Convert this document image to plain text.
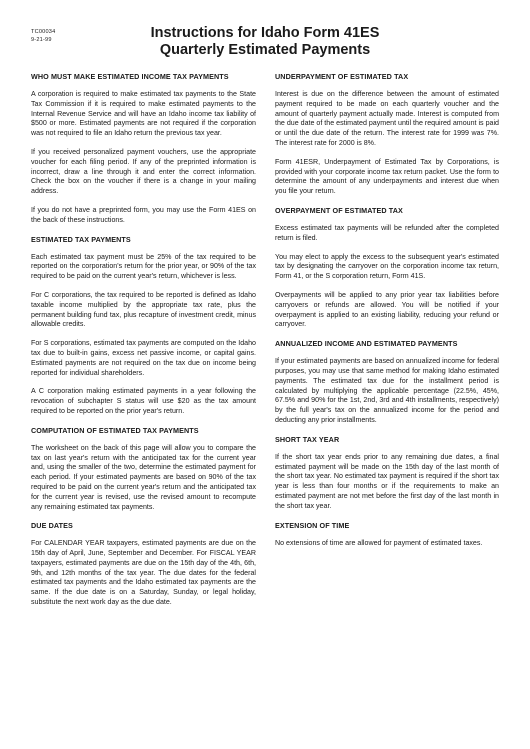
TC00034
9-21-99	Instructions for Idaho Form 41ES
Quarterly Estimated Payments
WHO MUST MAKE ESTIMATED INCOME TAX PAYMENTS

A corporation is required to make estimated tax payments to the State Tax Commission if it is required to make estimated payments to the Internal Revenue Service and will have an Idaho income tax liability of $500 or more. Estimated payments are not required if the corporation was not required to file an Idaho return the previous tax year.

If you received personalized payment vouchers, use the appropriate voucher for each filing period. If any of the preprinted information is incorrect, draw a line through it and enter the correct information. Check the box on the voucher if there is a change in your mailing address.

If you do not have a preprinted form, you may use the Form 41ES on the back of these instructions.

ESTIMATED TAX PAYMENTS

Each estimated tax payment must be 25% of the tax required to be reported on the corporation's return for the prior year, or 90% of the tax required to be paid on the current year's return, whichever is less.

For C corporations, the tax required to be reported is defined as Idaho taxable income multiplied by the appropriate tax rate, plus the permanent building fund tax, plus recapture of investment credit, minus allowable credits.

For S corporations, estimated tax payments are computed on the Idaho tax due to built-in gains, excess net passive income, or capital gains. Estimated payments are not required on the tax due on income being reported for individual shareholders.

A C corporation making estimated payments in a year following the revocation of subchapter S status will use $20 as the tax amount required to be reported on the prior year's return.

COMPUTATION OF ESTIMATED TAX PAYMENTS

The worksheet on the back of this page will allow you to compare the tax on last year's return with the anticipated tax for the current year and, using the smaller of the two, determine the estimated payment for each period. If your estimated payments are based on 90% of the tax required to be paid on the current year's return and the anticipated tax for the current year is revised, use the revised amount to recompute any remaining estimated tax payments.

DUE DATES

For CALENDAR YEAR taxpayers, estimated payments are due on the 15th day of April, June, September and December. For FISCAL YEAR taxpayers, estimated payments are due on the 15th day of the 4th, 6th, 9th, and 12th months of the tax year. The due dates for the federal estimated tax payments and the Idaho estimated tax payments are the same. If the due date is on a Saturday, Sunday, or legal holiday, substitute the next work day as the due date.

UNDERPAYMENT OF ESTIMATED TAX

Interest is due on the difference between the amount of estimated payment required to be made on each quarterly voucher and the amount of quarterly payment actually made. Interest is computed from the due date of the estimated payment until the required amount is paid or until the due date of the return. The interest rate for 1999 was 7%. The interest rate for 2000 is 8%.

Form 41ESR, Underpayment of Estimated Tax by Corporations, is provided with your corporate income tax return packet. Use the form to determine the amount of any underpayments and interest due when you file your return.

OVERPAYMENT OF ESTIMATED TAX

Excess estimated tax payments will be refunded after the completed return is filed.

You may elect to apply the excess to the subsequent year's estimated tax by designating the carryover on the corporation income tax return, Form 41, or the S corporation return, Form 41S.

Overpayments will be applied to any prior year tax liabilities before carryovers or refunds are allowed. You will be notified if your overpayment is applied to an existing liability, reducing your refund or carryover.

ANNUALIZED INCOME AND ESTIMATED PAYMENTS

If your estimated payments are based on annualized income for federal purposes, you may use that same method for making Idaho estimated payments. The estimated tax due for the installment period is calculated by multiplying the applicable percentage (22.5%, 45%, 67.5% and 90% for the 1st, 2nd, 3rd and 4th installments, respectively) by the full year's tax on the annualized income for the period and deducting any prior installments.

SHORT TAX YEAR

If the short tax year ends prior to any remaining due dates, a final estimated payment will be made on the 15th day of the last month of the short tax year. No estimated tax payment is required if the short tax year is less than four months or if the requirements to make an estimated payment are not met before the first day of the last month in the short tax year.

EXTENSION OF TIME

No extensions of time are allowed for payment of estimated taxes.
